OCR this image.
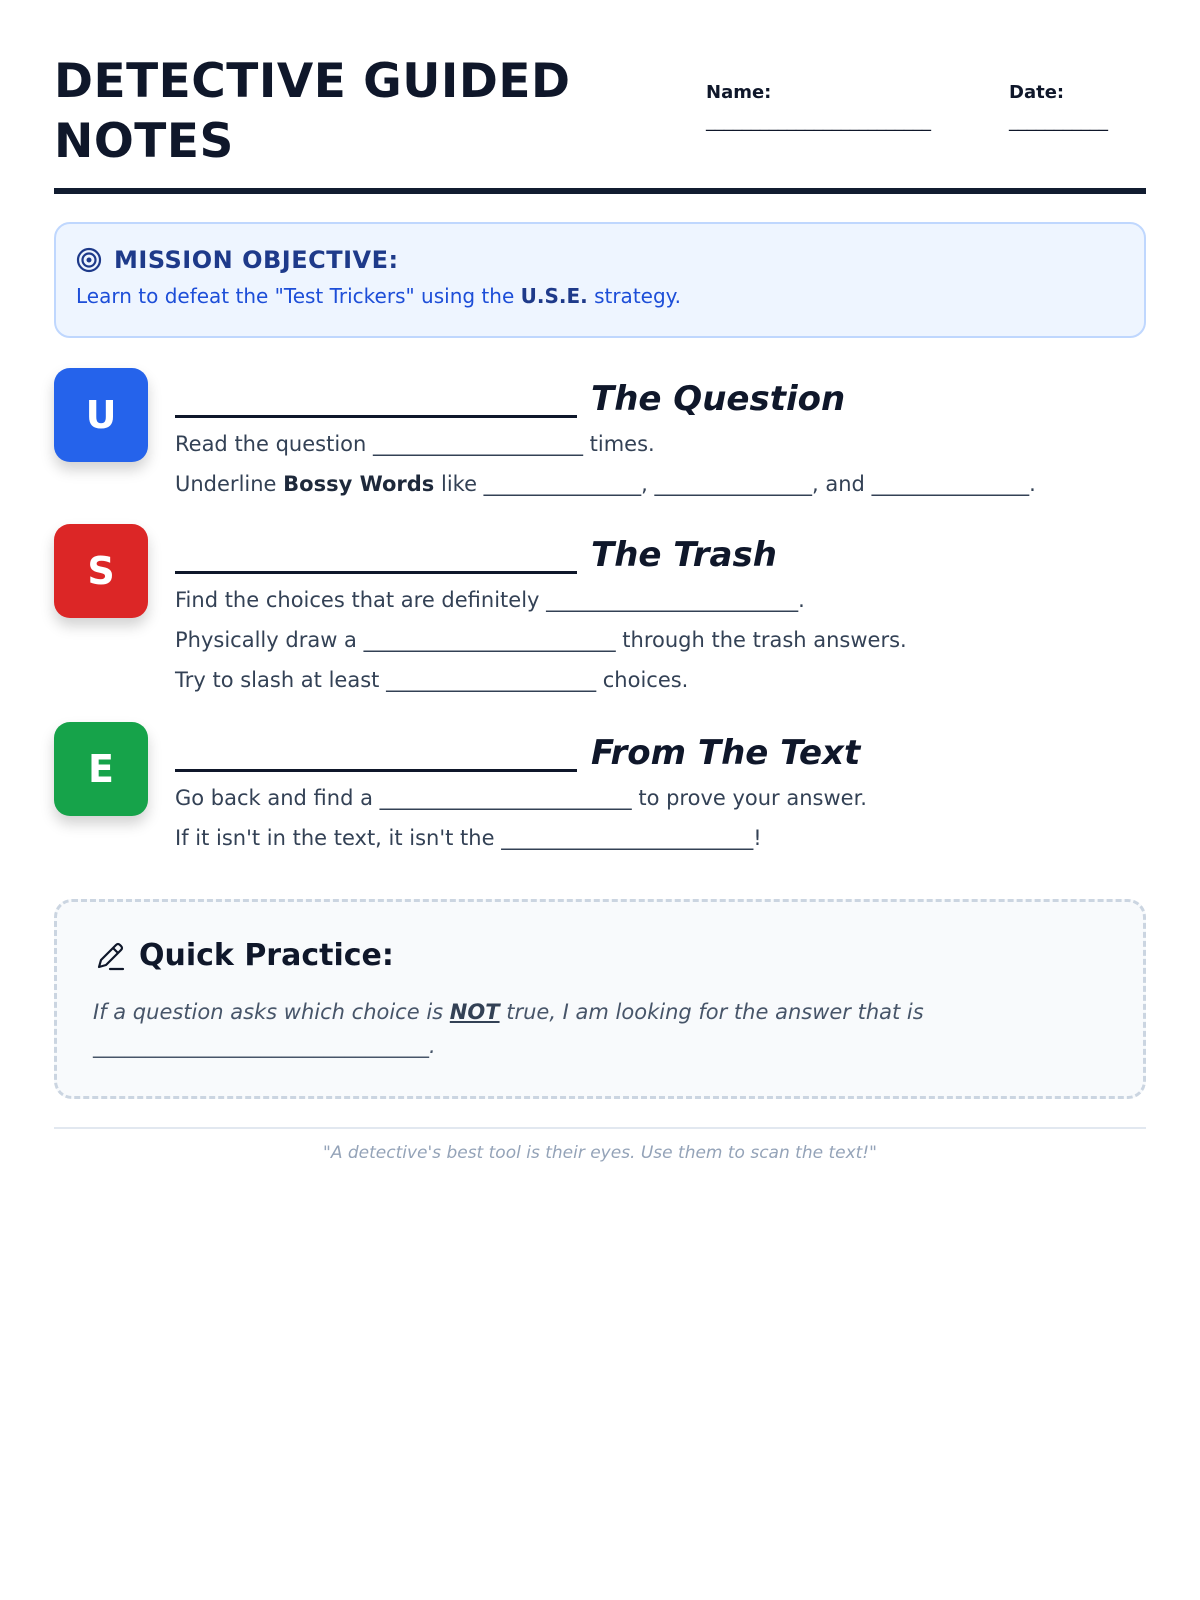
DETECTIVE GUIDED NOTES
Name:
_________________________
Date:
___________
MISSION OBJECTIVE:
Learn to defeat the "Test Trickers" using the U.S.E. strategy.
U	The Question
Read the question ____________________ times.
Underline Bossy Words like _______________, _______________, and _______________.
S	The Trash
Find the choices that are definitely ________________________.
Physically draw a ________________________ through the trash answers.
Try to slash at least ____________________ choices.
E	From The Text
Go back and find a ________________________ to prove your answer.
If it isn't in the text, it isn't the ________________________!
Quick Practice:
If a question asks which choice is NOT true, I am looking for the answer that is
________________________________.
"A detective's best tool is their eyes. Use them to scan the text!"
